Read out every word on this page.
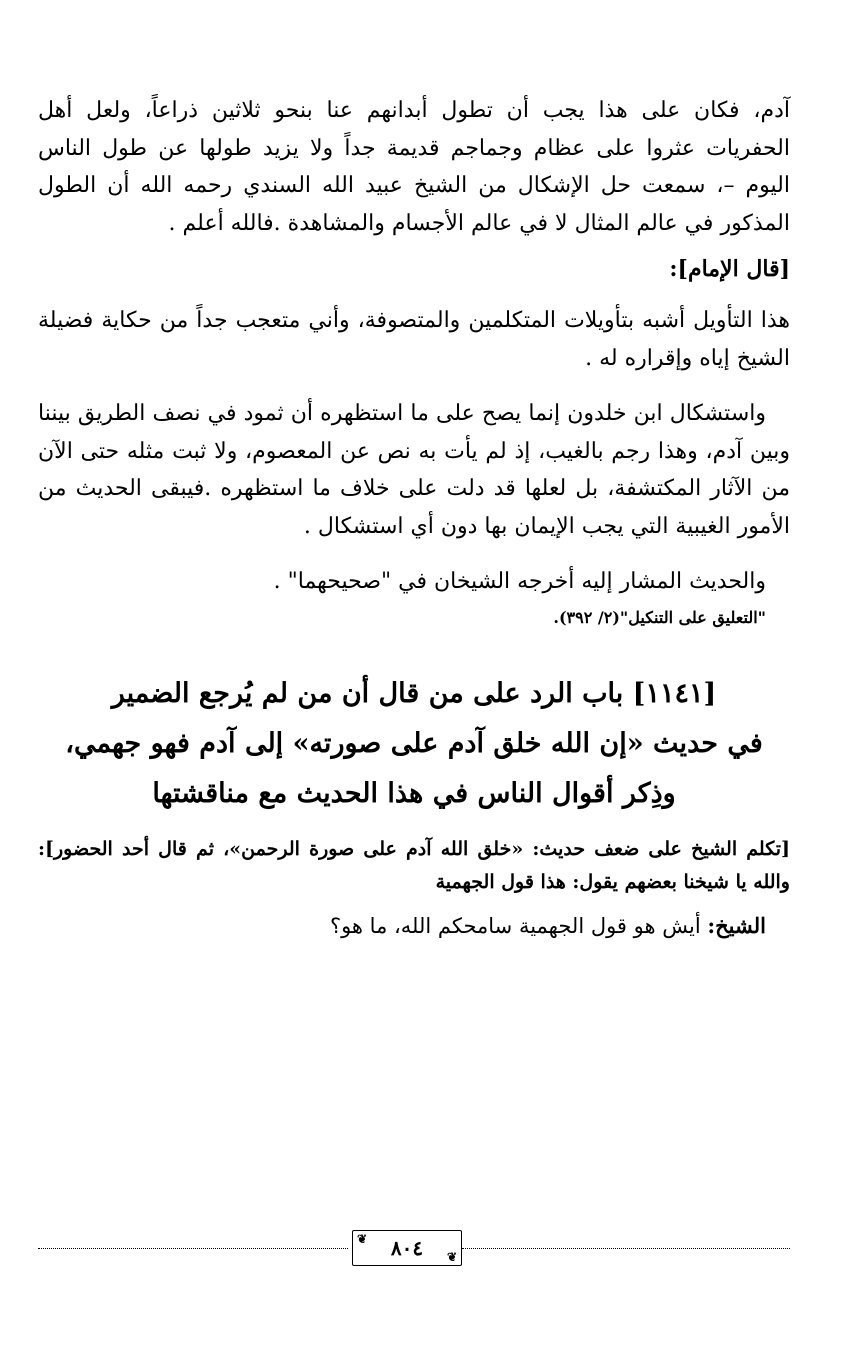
آدم، فكان على هذا يجب أن تطول أبدانهم عنا بنحو ثلاثين ذراعاً، ولعل أهل الحفريات عثروا على عظام وجماجم قديمة جداً ولا يزيد طولها عن طول الناس اليوم –، سمعت حل الإشكال من الشيخ عبيد الله السندي رحمه الله أن الطول المذكور في عالم المثال لا في عالم الأجسام والمشاهدة .فالله أعلم .

[قال الإمام]:

هذا التأويل أشبه بتأويلات المتكلمين والمتصوفة، وأني متعجب جداً من حكاية فضيلة الشيخ إياه وإقراره له .

واستشكال ابن خلدون إنما يصح على ما استظهره أن ثمود في نصف الطريق بيننا وبين آدم، وهذا رجم بالغيب، إذ لم يأت به نص عن المعصوم، ولا ثبت مثله حتى الآن من الآثار المكتشفة، بل لعلها قد دلت على خلاف ما استظهره .فيبقى الحديث من الأمور الغيبية التي يجب الإيمان بها دون أي استشكال .

والحديث المشار إليه أخرجه الشيخان في "صحيحهما" .

"التعليق على التنكيل"(٢/ ٣٩٢).

[١١٤١] باب الرد على من قال أن من لم يُرجع الضمير
في حديث «إن الله خلق آدم على صورته» إلى آدم فهو جهمي،
وذِكر أقوال الناس في هذا الحديث مع مناقشتها

[تكلم الشيخ على ضعف حديث: «خلق الله آدم على صورة الرحمن»، ثم قال أحد الحضور]: والله يا شيخنا بعضهم يقول: هذا قول الجهمية

الشيخ: أيش هو قول الجهمية سامحكم الله، ما هو؟

❦ ٨٠٤ ❦
